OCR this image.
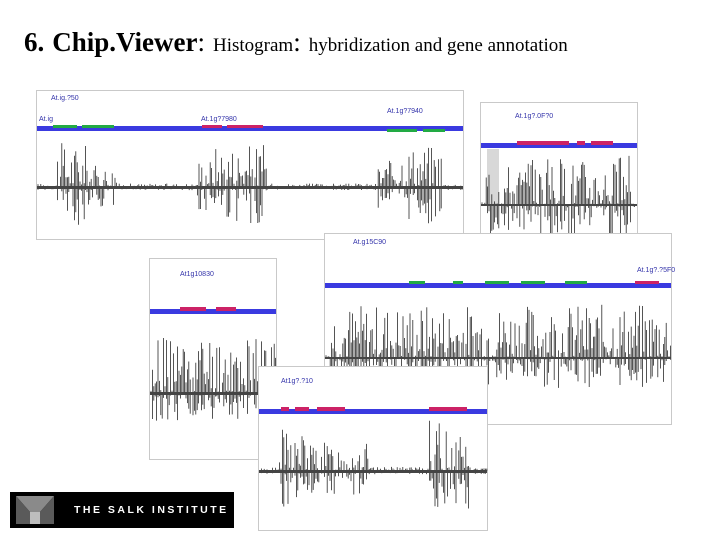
6. Chip.Viewer: Histogram: hybridization and gene annotation
At.ig.?50
At.ig	At.1g?7980
At.1g?7940
At.1g?.0F?0
At.g15C90
At.1g?.?5F0
At1g10830
At1g?.?10
THE SALK INSTITUTE
